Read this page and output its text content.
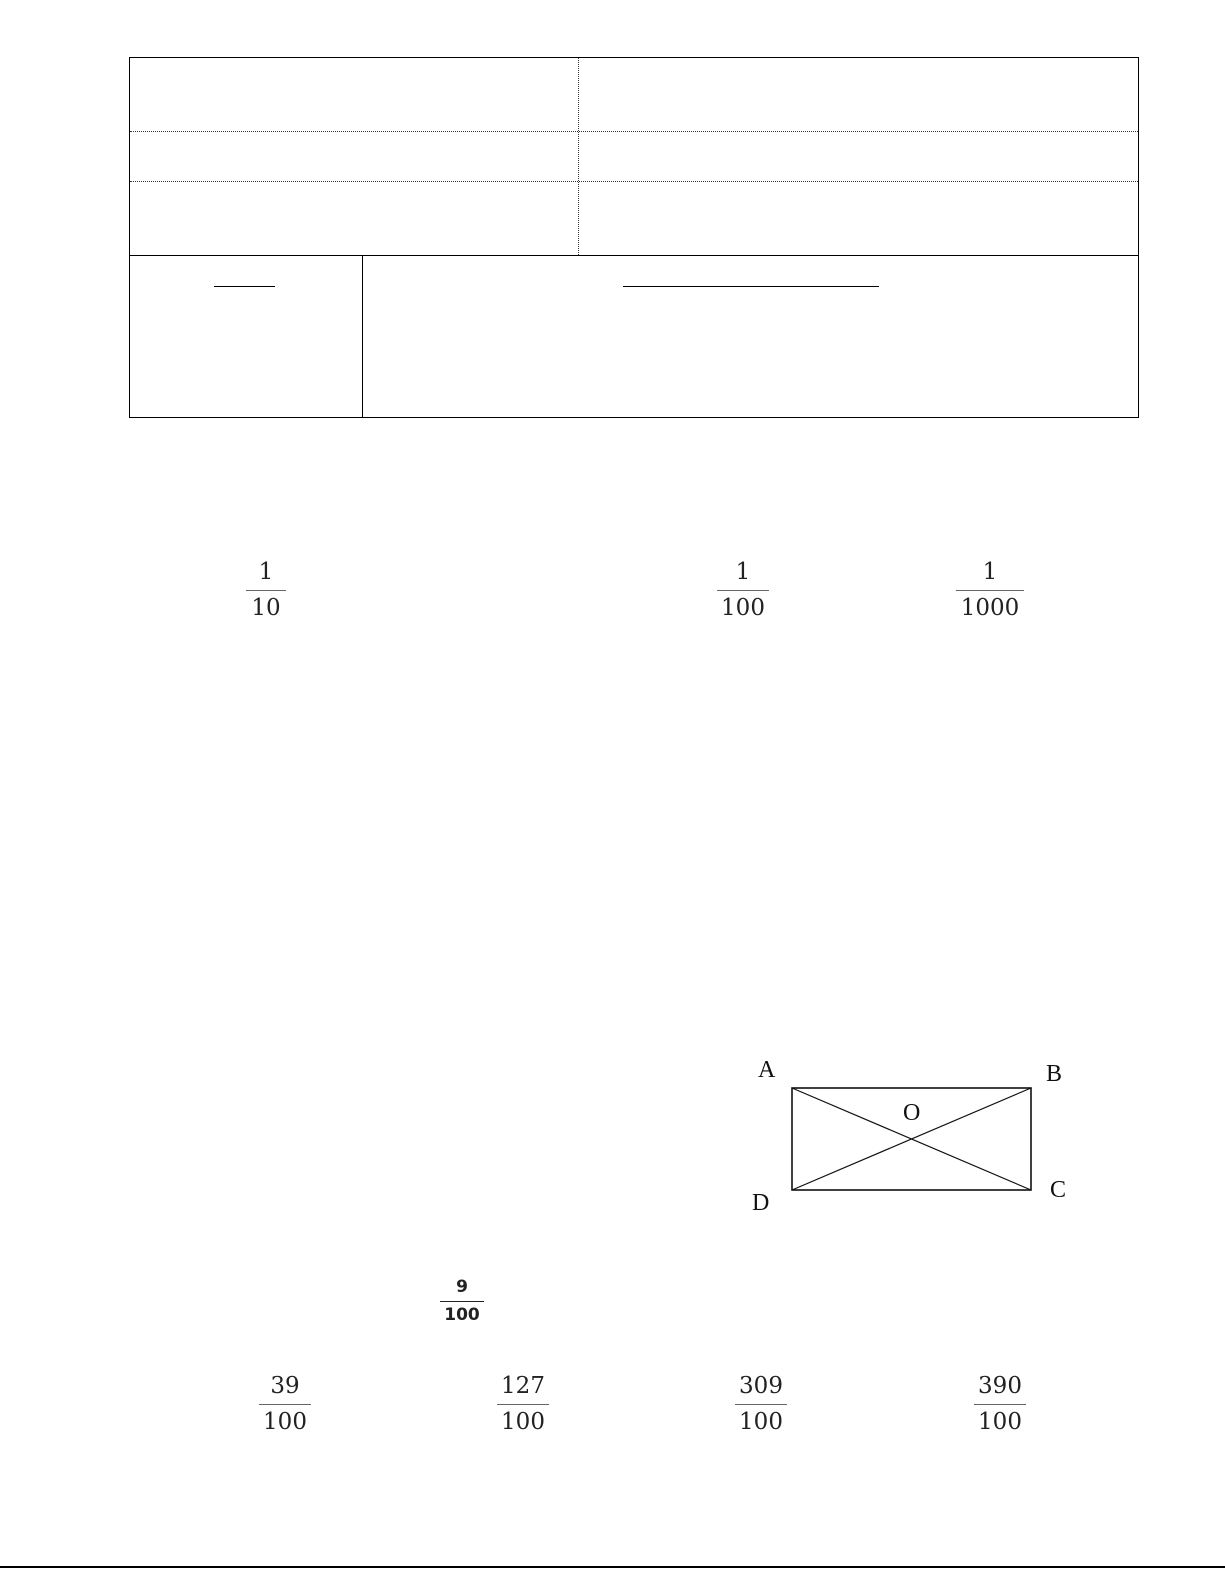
1
10
1
100
1
1000
A	B
C
D
O
9
100
39
100
127
100
309
100
390
100
